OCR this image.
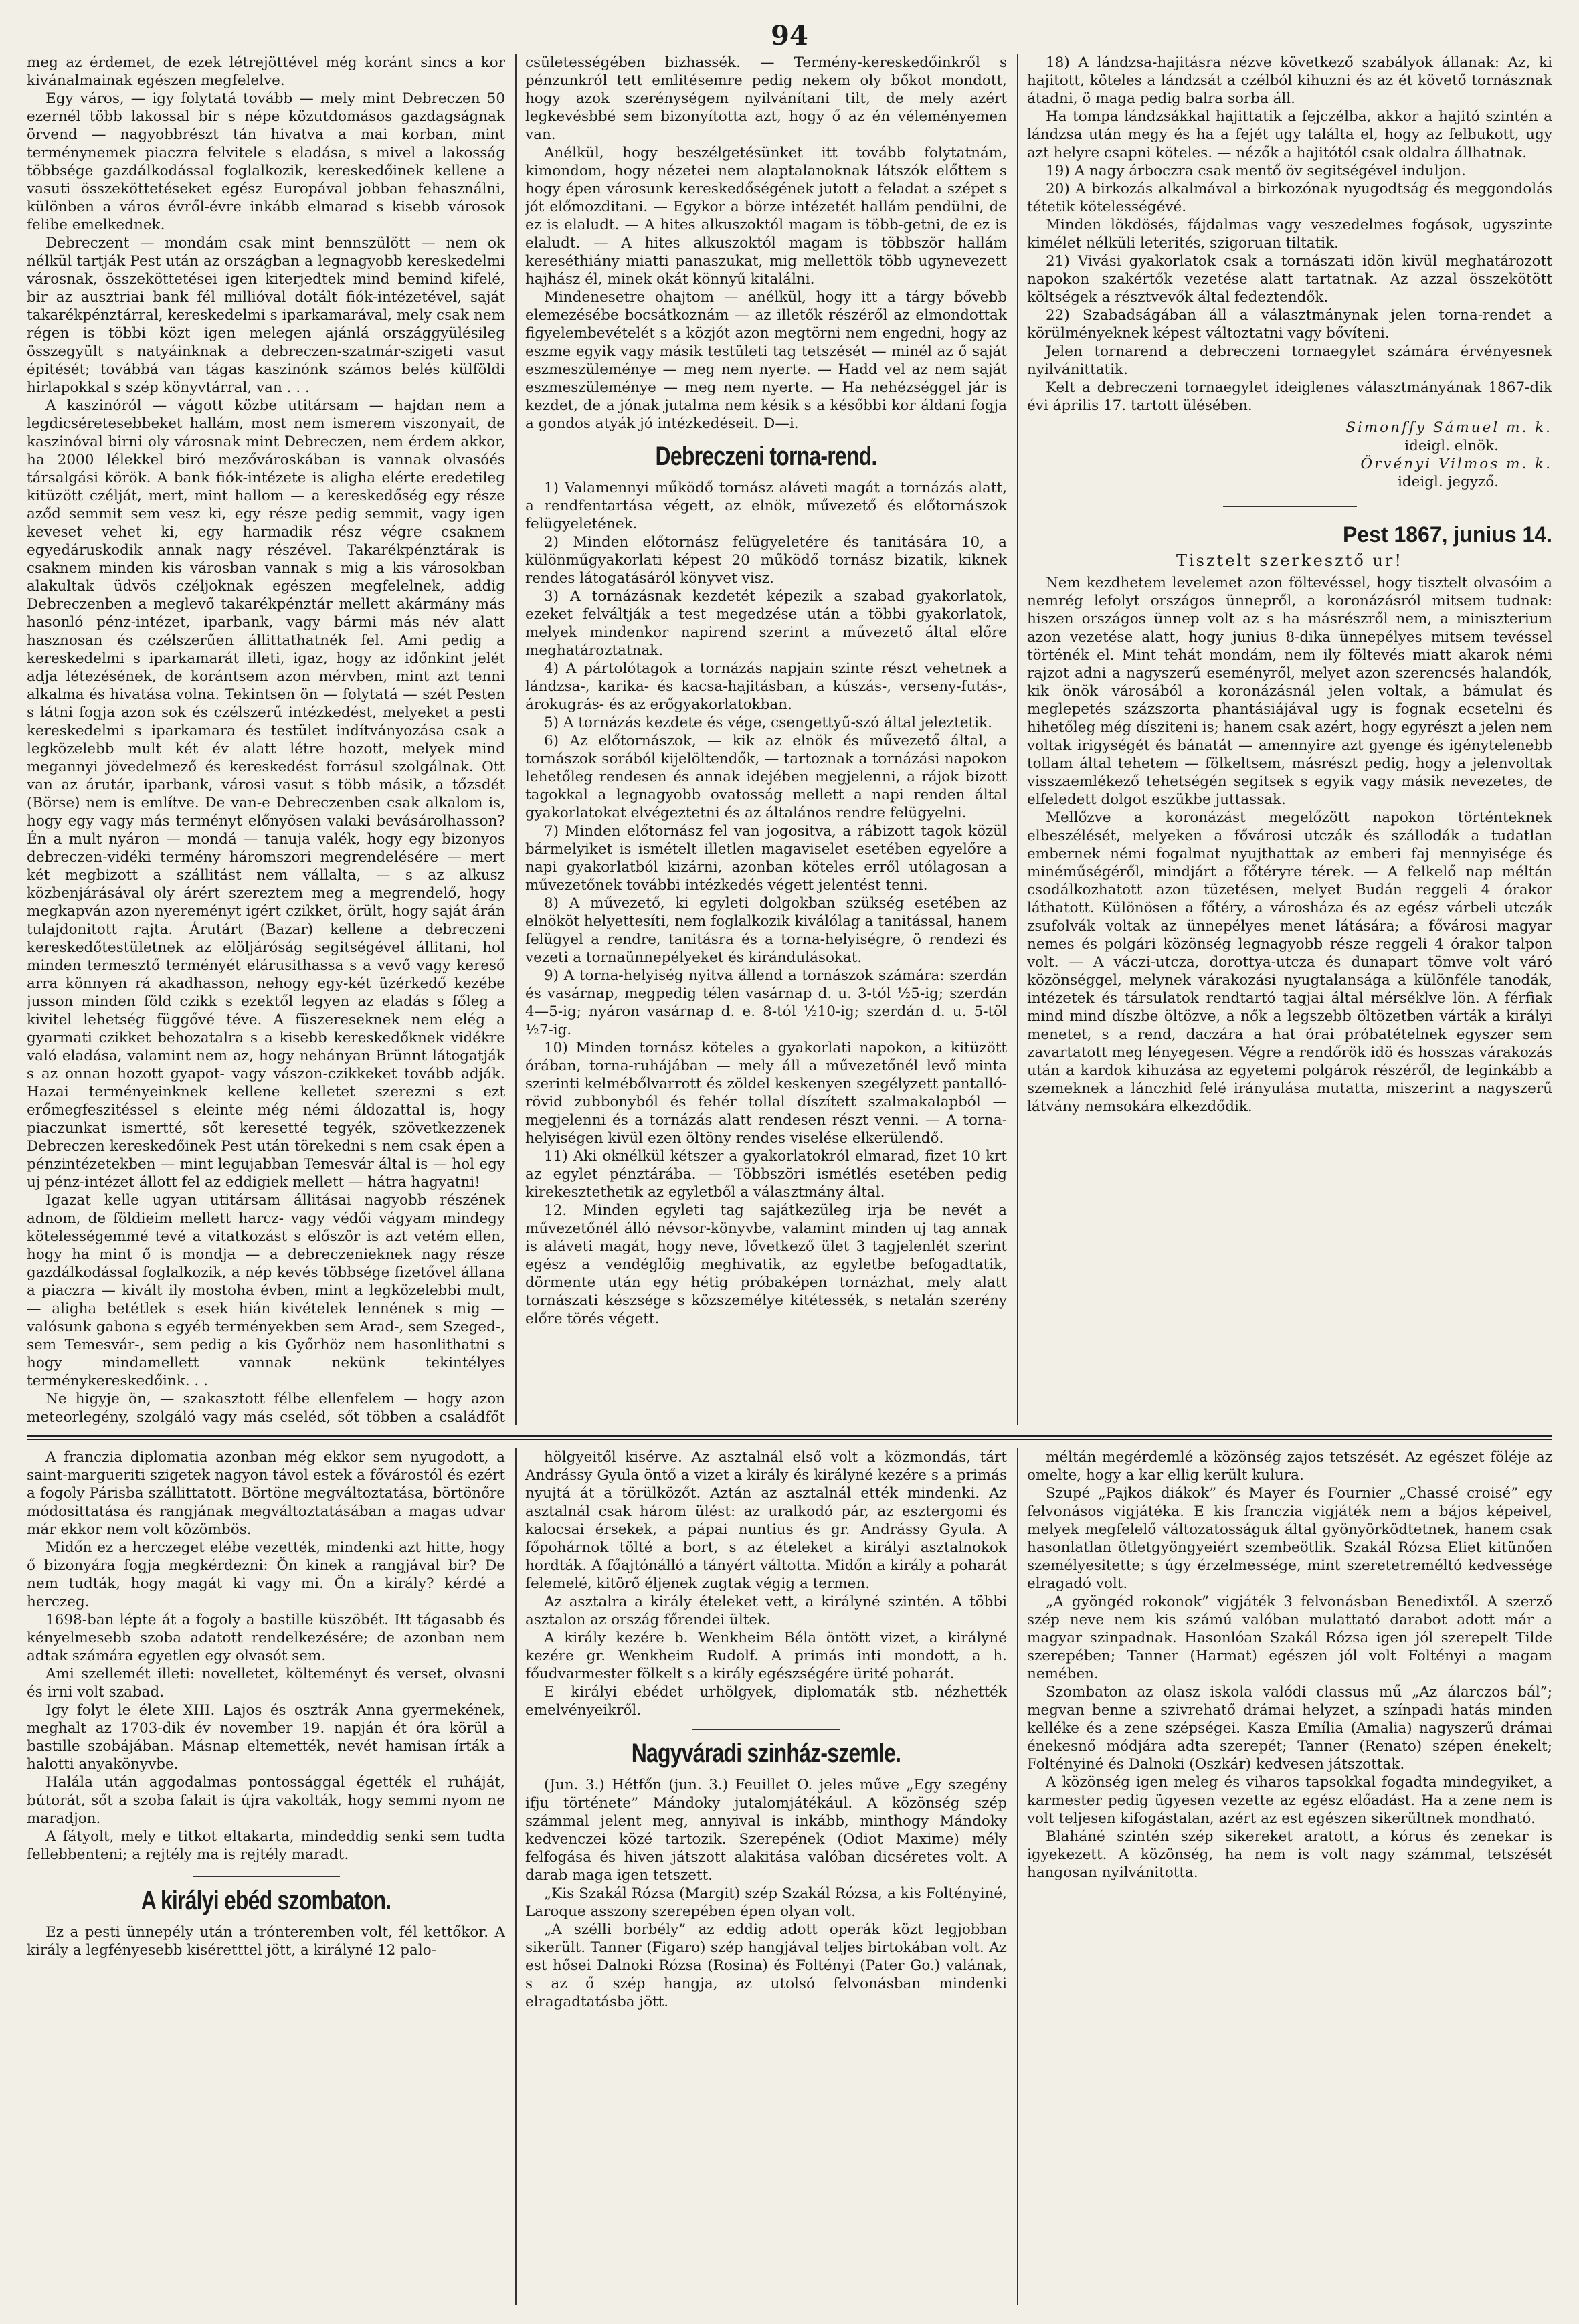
94

meg az érdemet, de ezek létrejöttével még koránt sincs a kor kivánalmainak egészen megfelelve.

Egy város, — igy folytatá tovább — mely mint Debreczen 50 ezernél több lakossal bir s népe közutdomásos gazdagságnak örvend — nagyobbrészt tán hivatva a mai korban, mint terménynemek piaczra felvitele s eladása, s mivel a lakosság többsége gazdálkodással foglalkozik, kereskedőinek kellene a vasuti összeköttetéseket egész Europával jobban fehasználni, különben a város évről-évre inkább elmarad s kisebb városok felibe emelkednek.

Debreczent — mondám csak mint bennszülött — nem ok nélkül tartják Pest után az országban a legnagyobb kereskedelmi városnak, összeköttetései igen kiterjedtek mind bemind kifelé, bir az ausztriai bank fél millióval dotált fiók-intézetével, saját takarékpénztárral, kereskedelmi s iparkamarával, mely csak nem régen is többi közt igen melegen ajánlá országgyülésileg összegyült s natyáinknak a debreczen-szatmár-szigeti vasut épitését; továbbá van tágas kaszinónk számos belés külföldi hirlapokkal s szép könyvtárral, van . . .

A kaszinóról — vágott közbe utitársam — hajdan nem a legdicséretesebbeket hallám, most nem ismerem viszonyait, de kaszinóval birni oly városnak mint Debreczen, nem érdem akkor, ha 2000 lélekkel biró mezővároskában is vannak olvasóés társalgási körök. A bank fiók-intézete is aligha elérte eredetileg kitüzött czélját, mert, mint hallom — a kereskedőség egy része aződ semmit sem vesz ki, egy része pedig semmit, vagy igen keveset vehet ki, egy harmadik rész végre csaknem egyedáruskodik annak nagy részével. Takarékpénztárak is csaknem minden kis városban vannak s mig a kis városokban alakultak üdvös czéljoknak egészen megfelelnek, addig Debreczenben a meglevő takarékpénztár mellett akármány más hasonló pénz-intézet, iparbank, vagy bármi más név alatt hasznosan és czélszerűen állittathatnék fel. Ami pedig a kereskedelmi s iparkamarát illeti, igaz, hogy az időnkint jelét adja létezésének, de korántsem azon mérvben, mint azt tenni alkalma és hivatása volna. Tekintsen ön — folytatá — szét Pesten s látni fogja azon sok és czélszerű intézkedést, melyeket a pesti kereskedelmi s iparkamara és testület indítványozása csak a legközelebb mult két év alatt létre hozott, melyek mind megannyi jövedelmező és kereskedést forrásul szolgálnak. Ott van az árutár, iparbank, városi vasut s több másik, a tőzsdét (Börse) nem is említve. De van-e Debreczenben csak alkalom is, hogy egy vagy más terményt előnyösen valaki bevásárolhasson? Én a mult nyáron — mondá — tanuja valék, hogy egy bizonyos debreczen-vidéki termény háromszori megrendelésére — mert két megbizott a szállitást nem vállalta, — s az alkusz közbenjárásával oly árért szereztem meg a megrendelő, hogy megkapván azon nyereményt igért czikket, örült, hogy saját árán tulajdonitott rajta. Árutárt (Bazar) kellene a debreczeni kereskedőtestületnek az elöljáróság segitségével állitani, hol minden termesztő terményét elárusithassa s a vevő vagy kereső arra könnyen rá akadhasson, nehogy egy-két üzérkedő kezébe jusson minden föld czikk s ezektől legyen az eladás s főleg a kivitel lehetség függővé téve. A füszereseknek nem elég a gyarmati czikket behozatalra s a kisebb kereskedőknek vidékre való eladása, valamint nem az, hogy nehányan Brünnt látogatják s az onnan hozott gyapot- vagy vászon-czikkeket tovább adják. Hazai terményeinknek kellene kelletet szerezni s ezt erőmegfeszitéssel s eleinte még némi áldozattal is, hogy piaczunkat ismertté, sőt keresetté tegyék, szövetkezzenek Debreczen kereskedőinek Pest után törekedni s nem csak épen a pénzintézetekben — mint legujabban Temesvár által is — hol egy uj pénz-intézet állott fel az eddigiek mellett — hátra hagyatni!

Igazat kelle ugyan utitársam állitásai nagyobb részének adnom, de földieim mellett harcz- vagy védői vágyam mindegy kötelességemmé tevé a vitatkozást s először is azt vetém ellen, hogy ha mint ő is mondja — a debreczenieknek nagy része gazdálkodással foglalkozik, a nép kevés többsége fizetővel állana a piaczra — kivált ily mostoha évben, mint a legközelebbi mult, — aligha betétlek s esek hián kivételek lennének s mig — valósunk gabona s egyéb terményekben sem Arad-, sem Szeged-, sem Temesvár-, sem pedig a kis Győrhöz nem hasonlithatni s hogy mindamellett vannak nekünk tekintélyes terménykereskedőink. . .

Ne higyje ön, — szakasztott félbe ellenfelem — hogy azon meteorlegény, szolgáló vagy más cseléd, sőt többen a családfőt

csületességében bizhassék. — Termény-kereskedőinkről s pénzunkról tett emlitésemre pedig nekem oly bőkot mondott, hogy azok szerénységem nyilvánítani tilt, de mely azért legkevésbbé sem bizonyította azt, hogy ő az én véleményemen van.

Anélkül, hogy beszélgetésünket itt tovább folytatnám, kimondom, hogy nézetei nem alaptalanoknak látszók előttem s hogy épen városunk kereskedőségének jutott a feladat a szépet s jót előmozditani. — Egykor a börze intézetét hallám pendülni, de ez is elaludt. — A hites alkuszoktól magam is több-getni, de ez is elaludt. — A hites alkuszoktól magam is többször hallám kereséthiány miatti panaszukat, mig mellettök több ugynevezett hajhász él, minek okát könnyű kitalálni.

Mindenesetre ohajtom — anélkül, hogy itt a tárgy bővebb elemezésébe bocsátkoznám — az illetők részéről az elmondottak figyelembevételét s a közjót azon megtörni nem engedni, hogy az eszme egyik vagy másik testületi tag tetszését — minél az ő saját eszmeszüleménye — meg nem nyerte. — Hadd vel az nem saját eszmeszüleménye — meg nem nyerte. — Ha nehézséggel jár is kezdet, de a jónak jutalma nem késik s a későbbi kor áldani fogja a gondos atyák jó intézkedéseit. D—i.

Debreczeni torna-rend.

1) Valamennyi működő tornász aláveti magát a tornázás alatt, a rendfentartása végett, az elnök, művezető és előtornászok felügyeletének.

2) Minden előtornász felügyeletére és tanitására 10, a különműgyakorlati képest 20 működő tornász bizatik, kiknek rendes látogatásáról könyvet visz.

3) A tornázásnak kezdetét képezik a szabad gyakorlatok, ezeket felváltják a test megedzése után a többi gyakorlatok, melyek mindenkor napirend szerint a művezető által előre meghatároztatnak.

4) A pártolótagok a tornázás napjain szinte részt vehetnek a lándzsa-, karika- és kacsa-hajitásban, a kúszás-, verseny-futás-, árokugrás- és az erőgyakorlatokban.

5) A tornázás kezdete és vége, csengettyű-szó által jeleztetik.

6) Az előtornászok, — kik az elnök és művezető által, a tornászok sorából kijelöltendők, — tartoznak a tornázási napokon lehetőleg rendesen és annak idejében megjelenni, a rájok bizott tagokkal a legnagyobb ovatosság mellett a napi renden által gyakorlatokat elvégeztetni és az általános rendre felügyelni.

7) Minden előtornász fel van jogositva, a rábizott tagok közül bármelyiket is ismételt illetlen magaviselet esetében egyelőre a napi gyakorlatból kizárni, azonban köteles erről utólagosan a művezetőnek további intézkedés végett jelentést tenni.

8) A művezető, ki egyleti dolgokban szükség esetében az elnököt helyettesíti, nem foglalkozik kiválólag a tanitással, hanem felügyel a rendre, tanitásra és a torna-helyiségre, ö rendezi és vezeti a tornaünnepélyeket és kirándulásokat.

9) A torna-helyiség nyitva állend a tornászok számára: szerdán és vasárnap, megpedig télen vasárnap d. u. 3-tól ½5-ig; szerdán 4—5-ig; nyáron vasárnap d. e. 8-tól ½10-ig; szerdán d. u. 5-töl ½7-ig.

10) Minden tornász köteles a gyakorlati napokon, a kitüzött órában, torna-ruhájában — mely áll a művezetőnél levő minta szerinti kelmébőlvarrott és zöldel keskenyen szegélyzett pantalló-rövid zubbonyból és fehér tollal díszített szalmakalapból — megjelenni és a tornázás alatt rendesen részt venni. — A torna-helyiségen kivül ezen öltöny rendes viselése elkerülendő.

11) Aki oknélkül kétszer a gyakorlatokról elmarad, fizet 10 krt az egylet pénztárába. — Többszöri ismétlés esetében pedig kirekesztethetik az egyletből a választmány által.

12. Minden egyleti tag sajátkezüleg irja be nevét a művezetőnél álló névsor-könyvbe, valamint minden uj tag annak is aláveti magát, hogy neve, lővetkező ület 3 tagjelenlét szerint egész a vendéglőig meghivatik, az egyletbe befogadtatik, dörmente után egy hétig próbaképen tornázhat, mely alatt tornászati készsége s közszemélye kitétessék, s netalán szerény előre törés végett.

18) A lándzsa-hajitásra nézve következő szabályok állanak: Az, ki hajitott, köteles a lándzsát a czélból kihuzni és az ét követő tornásznak átadni, ö maga pedig balra sorba áll.

Ha tompa lándzsákkal hajittatik a fejczélba, akkor a hajitó szintén a lándzsa után megy és ha a fejét ugy találta el, hogy az felbukott, ugy azt helyre csapni köteles. — nézők a hajitótól csak oldalra állhatnak.

19) A nagy árboczra csak mentő öv segitségével induljon.

20) A birkozás alkalmával a birkozónak nyugodtság és meggondolás tétetik kötelességévé.

Minden lökdösés, fájdalmas vagy veszedelmes fogások, ugyszinte kimélet nélküli leterités, szigoruan tiltatik.

21) Vivási gyakorlatok csak a tornászati idön kivül meghatározott napokon szakértők vezetése alatt tartatnak. Az azzal összekötött költségek a résztvevők által fedeztendők.

22) Szabadságában áll a választmánynak jelen torna-rendet a körülményeknek képest változtatni vagy bővíteni.

Jelen tornarend a debreczeni tornaegylet számára érvényesnek nyilvánittatik.

Kelt a debreczeni tornaegylet ideiglenes választmányának 1867-dik évi április 17. tartott ülésében.

Simonffy Sámuel m. k.
ideigl. elnök.
Örvényi Vilmos m. k.
ideigl. jegyző.
Pest 1867, junius 14.
Tisztelt szerkesztő ur!

Nem kezdhetem levelemet azon föltevéssel, hogy tisztelt olvasóim a nemrég lefolyt országos ünnepről, a koronázásról mitsem tudnak: hiszen országos ünnep volt az s ha másrészről nem, a miniszterium azon vezetése alatt, hogy junius 8-dika ünnepélyes mitsem tevéssel történék el. Mint tehát mondám, nem ily föltevés miatt akarok némi rajzot adni a nagyszerű eseményről, melyet azon szerencsés halandók, kik önök városából a koronázásnál jelen voltak, a bámulat és meglepetés százszorta phantásiájával ugy is fognak ecsetelni és hihetőleg még dísziteni is; hanem csak azért, hogy egyrészt a jelen nem voltak irigységét és bánatát — amennyire azt gyenge és igénytelenebb tollam által tehetem — fölkeltsem, másrészt pedig, hogy a jelenvoltak visszaemlékező tehetségén segitsek s egyik vagy másik nevezetes, de elfeledett dolgot eszükbe juttassak.

Mellőzve a koronázást megelőzött napokon történteknek elbeszélését, melyeken a fővárosi utczák és szállodák a tudatlan embernek némi fogalmat nyujthattak az emberi faj mennyisége és minéműségéről, mindjárt a főtéryre térek. — A felkelő nap méltán csodálkozhatott azon tüzetésen, melyet Budán reggeli 4 órakor láthatott. Különösen a főtéry, a városháza és az egész várbeli utczák zsufolvák voltak az ünnepélyes menet látására; a fővárosi magyar nemes és polgári közönség legnagyobb része reggeli 4 órakor talpon volt. — A váczi-utcza, dorottya-utcza és dunapart tömve volt váró közönséggel, melynek várakozási nyugtalansága a különféle tanodák, intézetek és társulatok rendtartó tagjai által mérséklve lön. A férfiak mind mind díszbe öltözve, a nők a legszebb öltözetben várták a királyi menetet, s a rend, daczára a hat órai próbatételnek egyszer sem zavartatott meg lényegesen. Végre a rendőrök idö és hosszas várakozás után a kardok kihuzása az egyetemi polgárok részéről, de leginkább a szemeknek a lánczhid felé irányulása mutatta, miszerint a nagyszerű látvány nemsokára elkezdődik.

A franczia diplomatia azonban még ekkor sem nyugodott, a saint-margueriti szigetek nagyon távol estek a fővárostól és ezért a fogoly Párisba szállittatott. Börtöne megváltoztatása, börtönőre módosittatása és rangjának megváltoztatásában a magas udvar már ekkor nem volt közömbös.

Midőn ez a herczeget elébe vezették, mindenki azt hitte, hogy ő bizonyára fogja megkérdezni: Ön kinek a rangjával bir? De nem tudták, hogy magát ki vagy mi. Ön a király? kérdé a herczeg.

1698-ban lépte át a fogoly a bastille küszöbét. Itt tágasabb és kényelmesebb szoba adatott rendelkezésére; de azonban nem adtak számára egyetlen egy olvasót sem.

Ami szellemét illeti: novelletet, költeményt és verset, olvasni és irni volt szabad.

Igy folyt le élete XIII. Lajos és osztrák Anna gyermekének, meghalt az 1703-dik év november 19. napján ét óra körül a bastille szobájában. Másnap eltemették, nevét hamisan írták a halotti anyakönyvbe.

Halála után aggodalmas pontossággal égették el ruháját, bútorát, sőt a szoba falait is újra vakolták, hogy semmi nyom ne maradjon.

A fátyolt, mely e titkot eltakarta, mindeddig senki sem tudta fellebbenteni; a rejtély ma is rejtély maradt.

A királyi ebéd szombaton.

Ez a pesti ünnepély után a trónteremben volt, fél kettőkor. A király a legfényesebb kiséretttel jött, a királyné 12 palo-

hölgyeitől kisérve. Az asztalnál első volt a közmondás, tárt Andrássy Gyula öntő a vizet a király és királyné kezére s a primás nyujtá át a törülközőt. Aztán az asztalnál ették mindenki. Az asztalnál csak három ülést: az uralkodó pár, az esztergomi és kalocsai érsekek, a pápai nuntius és gr. Andrássy Gyula. A főpohárnok tölté a bort, s az ételeket a királyi asztalnokok hordták. A főajtónálló a tányért váltotta. Midőn a király a poharát felemelé, kitörő éljenek zugtak végig a termen.

Az asztalra a király ételeket vett, a királyné szintén. A többi asztalon az ország főrendei ültek.

A király kezére b. Wenkheim Béla öntött vizet, a királyné kezére gr. Wenkheim Rudolf. A primás inti mondott, a h. főudvarmester fölkelt s a király egészségére ürité poharát.

E királyi ebédet urhölgyek, diplomaták stb. nézhették emelvényeikről.

Nagyváradi szinház-szemle.

(Jun. 3.) Hétfőn (jun. 3.) Feuillet O. jeles műve „Egy szegény ifju története” Mándoky jutalomjátékául. A közönség szép számmal jelent meg, annyival is inkább, minthogy Mándoky kedvenczei közé tartozik. Szerepének (Odiot Maxime) mély felfogása és hiven játszott alakitása valóban dicséretes volt. A darab maga igen tetszett.

„Kis Szakál Rózsa (Margit) szép Szakál Rózsa, a kis Foltényiné, Laroque asszony szerepében épen olyan volt.

„A szélli borbély” az eddig adott operák közt legjobban sikerült. Tanner (Figaro) szép hangjával teljes birtokában volt. Az est hősei Dalnoki Rózsa (Rosina) és Foltényi (Pater Go.) valának, s az ő szép hangja, az utolsó felvonásban mindenki elragadtatásba jött.

méltán megérdemlé a közönség zajos tetszését. Az egészet föléje az omelte, hogy a kar ellig került kulura.

Szupé „Pajkos diákok” és Mayer és Fournier „Chassé croisé” egy felvonásos vigjátéka. E kis franczia vigjáték nem a bájos képeivel, melyek megfelelő változatosságuk által gyönyörködtetnek, hanem csak hasonlatlan ötletgyöngyeiért szembeötlik. Szakál Rózsa Eliet kitünően személyesitette; s úgy érzelmessége, mint szeretetreméltó kedvessége elragadó volt.

„A gyöngéd rokonok” vigjáték 3 felvonásban Benedixtől. A szerző szép neve nem kis számú valóban mulattató darabot adott már a magyar szinpadnak. Hasonlóan Szakál Rózsa igen jól szerepelt Tilde szerepében; Tanner (Harmat) egészen jól volt Foltényi a magam nemében.

Szombaton az olasz iskola valódi classus mű „Az álarczos bál”; megvan benne a szivrehatő drámai helyzet, a színpadi hatás minden kelléke és a zene szépségei. Kasza Emília (Amalia) nagyszerű drámai énekesnő módjára adta szerepét; Tanner (Renato) szépen énekelt; Foltényiné és Dalnoki (Oszkár) kedvesen játszottak.

A közönség igen meleg és viharos tapsokkal fogadta mindegyiket, a karmester pedig ügyesen vezette az egész előadást. Ha a zene nem is volt teljesen kifogástalan, azért az est egészen sikerültnek mondható.

Blaháné szintén szép sikereket aratott, a kórus és zenekar is igyekezett. A közönség, ha nem is volt nagy számmal, tetszését hangosan nyilvánitotta.
